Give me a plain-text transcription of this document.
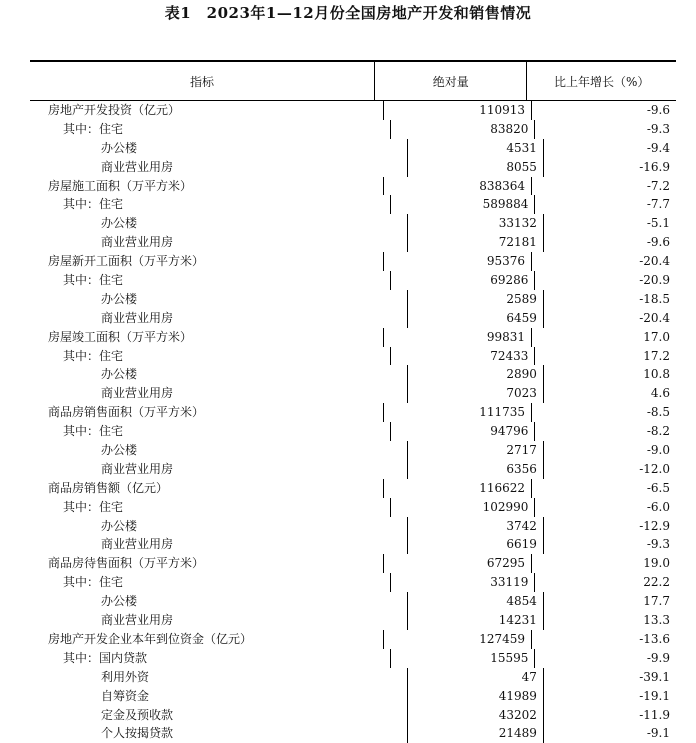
表1　2023年1—12月份全国房地产开发和销售情况
指标	绝对量	比上年增长（%）
房地产开发投资（亿元）	110913	-9.6
其中：住宅	83820	-9.3
办公楼	4531	-9.4
商业营业用房	8055	-16.9
房屋施工面积（万平方米）	838364	-7.2
其中：住宅	589884	-7.7
办公楼	33132	-5.1
商业营业用房	72181	-9.6
房屋新开工面积（万平方米）	95376	-20.4
其中：住宅	69286	-20.9
办公楼	2589	-18.5
商业营业用房	6459	-20.4
房屋竣工面积（万平方米）	99831	17.0
其中：住宅	72433	17.2
办公楼	2890	10.8
商业营业用房	7023	4.6
商品房销售面积（万平方米）	111735	-8.5
其中：住宅	94796	-8.2
办公楼	2717	-9.0
商业营业用房	6356	-12.0
商品房销售额（亿元）	116622	-6.5
其中：住宅	102990	-6.0
办公楼	3742	-12.9
商业营业用房	6619	-9.3
商品房待售面积（万平方米）	67295	19.0
其中：住宅	33119	22.2
办公楼	4854	17.7
商业营业用房	14231	13.3
房地产开发企业本年到位资金（亿元）	127459	-13.6
其中：国内贷款	15595	-9.9
利用外资	47	-39.1
自筹资金	41989	-19.1
定金及预收款	43202	-11.9
个人按揭贷款	21489	-9.1
